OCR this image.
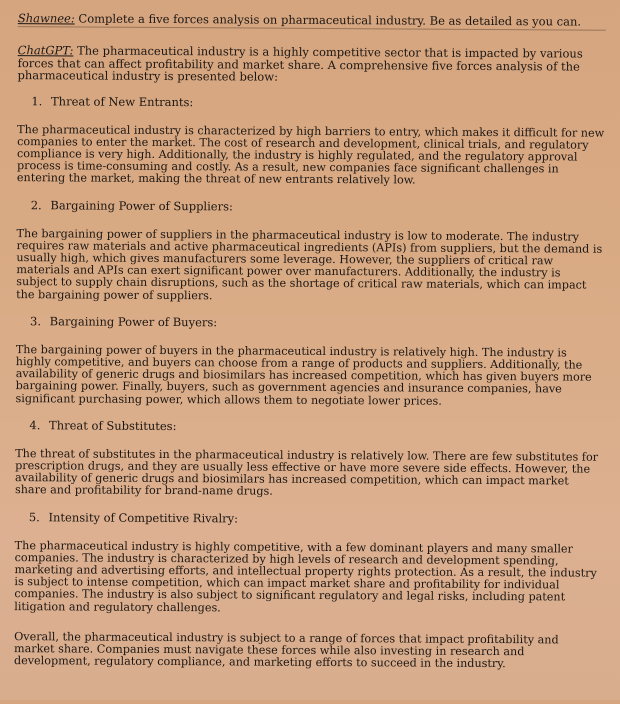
Shawnee: Complete a five forces analysis on pharmaceutical industry. Be as detailed as you can.

ChatGPT: The pharmaceutical industry is a highly competitive sector that is impacted by various forces that can affect profitability and market share. A comprehensive five forces analysis of the pharmaceutical industry is presented below:

1. Threat of New Entrants:

The pharmaceutical industry is characterized by high barriers to entry, which makes it difficult for new companies to enter the market. The cost of research and development, clinical trials, and regulatory compliance is very high. Additionally, the industry is highly regulated, and the regulatory approval process is time-consuming and costly. As a result, new companies face significant challenges in entering the market, making the threat of new entrants relatively low.

2. Bargaining Power of Suppliers:

The bargaining power of suppliers in the pharmaceutical industry is low to moderate. The industry requires raw materials and active pharmaceutical ingredients (APIs) from suppliers, but the demand is usually high, which gives manufacturers some leverage. However, the suppliers of critical raw materials and APIs can exert significant power over manufacturers. Additionally, the industry is subject to supply chain disruptions, such as the shortage of critical raw materials, which can impact the bargaining power of suppliers.

3. Bargaining Power of Buyers:

The bargaining power of buyers in the pharmaceutical industry is relatively high. The industry is highly competitive, and buyers can choose from a range of products and suppliers. Additionally, the availability of generic drugs and biosimilars has increased competition, which has given buyers more bargaining power. Finally, buyers, such as government agencies and insurance companies, have significant purchasing power, which allows them to negotiate lower prices.

4. Threat of Substitutes:

The threat of substitutes in the pharmaceutical industry is relatively low. There are few substitutes for prescription drugs, and they are usually less effective or have more severe side effects. However, the availability of generic drugs and biosimilars has increased competition, which can impact market share and profitability for brand-name drugs.

5. Intensity of Competitive Rivalry:

The pharmaceutical industry is highly competitive, with a few dominant players and many smaller companies. The industry is characterized by high levels of research and development spending, marketing and advertising efforts, and intellectual property rights protection. As a result, the industry is subject to intense competition, which can impact market share and profitability for individual companies. The industry is also subject to significant regulatory and legal risks, including patent litigation and regulatory challenges.

Overall, the pharmaceutical industry is subject to a range of forces that impact profitability and market share. Companies must navigate these forces while also investing in research and development, regulatory compliance, and marketing efforts to succeed in the industry.
